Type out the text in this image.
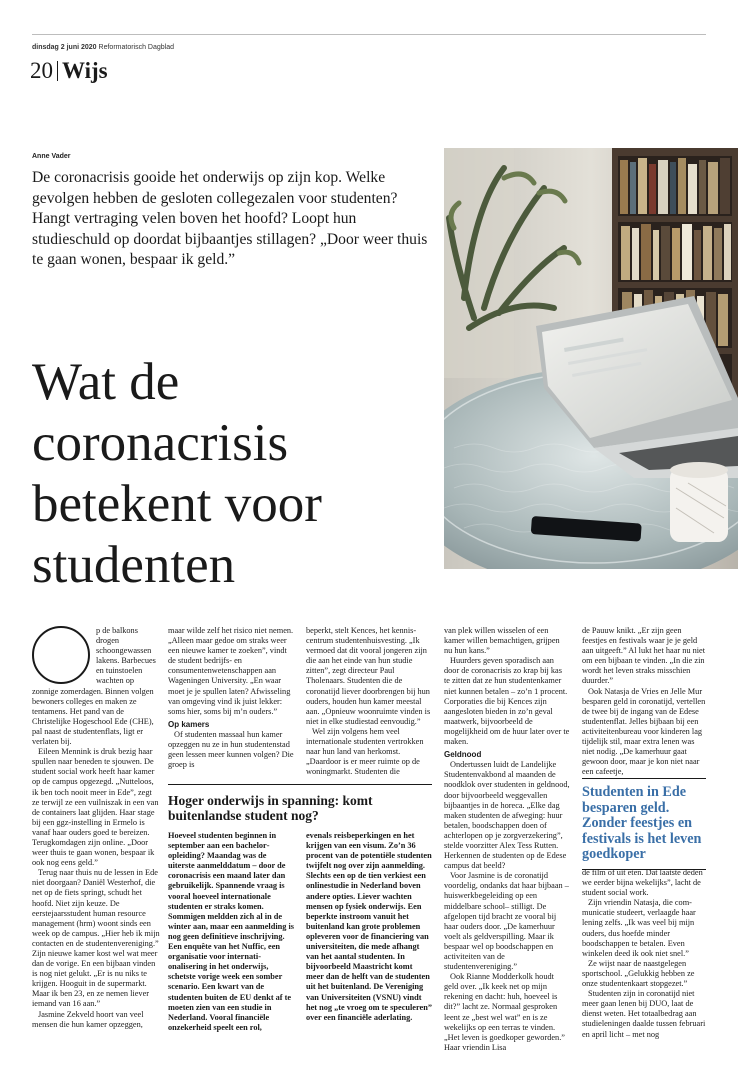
dinsdag 2 juni 2020 Reformatorisch Dagblad
20 Wijs
Anne Vader
De coronacrisis gooide het onderwijs op zijn kop. Welke gevolgen hebben de gesloten collegezalen voor studenten? Hangt vertraging velen boven het hoofd? Loopt hun studieschuld op doordat bijbaantjes stillagen? „Door weer thuis te gaan wonen, bespaar ik geld.”
Wat de coronacrisis betekent voor studenten

p de balkons drogen schoongewassen lakens. Barbecues en tuinstoelen wachten op zonnige zomerdagen. Binnen volgen bewoners colleges en maken ze tentamens. Het pand van de Christelijke Hogeschool Ede (CHE), pal naast de studentenflats, ligt er verlaten bij.

Eileen Mennink is druk bezig haar spullen naar beneden te sjouwen. De student social work heeft haar kamer op de campus opgezegd. „Nutteloos, ik ben toch nooit meer in Ede”, zegt ze terwijl ze een vuilniszak in een van de containers laat glijden. Haar stage bij een ggz-instelling in Ermelo is vanaf haar ouders goed te bereizen. Terugkomdagen zijn online. „Door weer thuis te gaan wonen, bespaar ik ook nog eens geld.”

Terug naar thuis nu de lessen in Ede niet doorgaan? Daniël Westerhof, die net op de fiets springt, schudt het hoofd. Niet zijn keuze. De eerstejaarsstudent human resource management (hrm) woont sinds een week op de campus. „Hier heb ik mijn contacten en de studentenvereniging.” Zijn nieuwe kamer kost wel wat meer dan de vorige. En een bijbaan vinden is nog niet gelukt. „Er is nu niks te krijgen. Hooguit in de supermarkt. Maar ik ben 23, en ze nemen liever iemand van 16 aan.”

Jasmine Zekveld hoort van veel mensen die hun kamer opzeggen,

maar wilde zelf het risico niet nemen. „Alleen maar gedoe om straks weer een nieuwe kamer te zoeken”, vindt de student bedrijfs- en consumentenwetenschappen aan Wageningen University. „En waar moet je je spullen laten? Afwisseling van omgeving vind ik juist lekker: soms hier, soms bij m’n ouders.”

Op kamers

Of studenten massaal hun kamer opzeggen nu ze in hun studentenstad geen lessen meer kunnen volgen? Die groep is

beperkt, stelt Kences, het kenniscentrum studentenhuisvesting. „Ik vermoed dat dit vooral jongeren zijn die aan het einde van hun studie zitten”, zegt directeur Paul Tholenaars. Studenten die de coronatijd liever doorbrengen bij hun ouders, houden hun kamer meestal aan. „Opnieuw woonruimte vinden is niet in elke studiestad eenvoudig.”

Wel zijn volgens hem veel internationale studenten vertrokken naar hun land van herkomst. „Daardoor is er meer ruimte op de woningmarkt. Studenten die

Hoger onderwijs in spanning: komt buitenlandse student nog?
Hoeveel studenten beginnen in september aan een bacheloropleiding? Maandag was de uiterste aanmelddatum – door de coronacrisis een maand later dan gebruikelijk. Spannende vraag is vooral hoeveel internationale studenten er straks komen. Sommigen meldden zich al in de winter aan, maar een aanmelding is nog geen definitieve inschrijving. Een enquête van het Nuffic, een organisatie voor internationalisering in het onderwijs, schetste vorige week een somber scenario. Een kwart van de studenten buiten de EU denkt af te moeten zien van een studie in Nederland. Vooral financiële onzekerheid speelt een rol,
evenals reisbeperkingen en het krijgen van een visum. Zo’n 36 procent van de potentiële studenten twijfelt nog over zijn aanmelding. Slechts een op de tien verkiest een onlinestudie in Nederland boven andere opties. Liever wachten mensen op fysiek onderwijs. Een beperkte instroom vanuit het buitenland kan grote problemen opleveren voor de financiering van universiteiten, die mede afhangt van het aantal studenten. In bijvoorbeeld Maastricht komt meer dan de helft van de studenten uit het buitenland. De Vereniging van Universiteiten (VSNU) vindt het nog „te vroeg om te speculeren” over een financiële aderlating.

van plek willen wisselen of een kamer willen bemachtigen, grijpen nu hun kans.”

Huurders geven sporadisch aan door de coronacrisis zo krap bij kas te zitten dat ze hun studentenkamer niet kunnen betalen – zo’n 1 procent. Corporaties die bij Kences zijn aangesloten bieden in zo’n geval maatwerk, bijvoorbeeld de mogelijkheid om de huur later over te maken.

Geldnood

Ondertussen luidt de Landelijke Studentenvakbond al maanden de noodklok over studenten in geldnood, door bijvoorbeeld weggevallen bijbaantjes in de horeca. „Elke dag maken studenten de afweging: huur betalen, boodschappen doen of achterlopen op je zorgverzekering”, stelde voorzitter Alex Tess Rutten. Herkennen de studenten op de Edese campus dat beeld?

Voor Jasmine is de coronatijd voordelig, ondanks dat haar bijbaan –huiswerkbegeleiding op een middelbare school– stilligt. De afgelopen tijd bracht ze vooral bij haar ouders door. „De kamerhuur voelt als geldverspilling. Maar ik bespaar wel op boodschappen en activiteiten van de studentenvereniging.”

Ook Rianne Modderkolk houdt geld over. „Ik keek net op mijn rekening en dacht: huh, hoeveel is dit?” lacht ze. Normaal gesproken leent ze „best wel wat” en is ze wekelijks op een terras te vinden. „Het leven is goedkoper geworden.” Haar vriendin Lisa

de Pauuw knikt. „Er zijn geen feestjes en festivals waar je je geld aan uitgeeft.” Al lukt het haar nu niet om een bijbaan te vinden. „In die zin wordt het leven straks misschien duurder.”

Ook Natasja de Vries en Jelle Mur besparen geld in coronatijd, vertellen de twee bij de ingang van de Edese studentenflat. Jelles bijbaan bij een activiteitenbureau voor kinderen lag tijdelijk stil, maar extra lenen was niet nodig. „De kamerhuur gaat gewoon door, maar je kon niet naar een cafeetje,

Studenten in Ede besparen geld. Zonder feestjes en festivals is het leven goedkoper

de film of uit eten. Dat laatste deden we eerder bijna wekelijks”, lacht de student social work.

Zijn vriendin Natasja, die communicatie studeert, verlaagde haar lening zelfs. „Ik was veel bij mijn ouders, dus hoefde minder boodschappen te betalen. Even winkelen deed ik ook niet snel.”

Ze wijst naar de naastgelegen sportschool. „Gelukkig hebben ze onze studentenkaart stopgezet.”

Studenten zijn in coronatijd niet meer gaan lenen bij DUO, laat de dienst weten. Het totaalbedrag aan studieleningen daalde tussen februari en april licht – met nog
